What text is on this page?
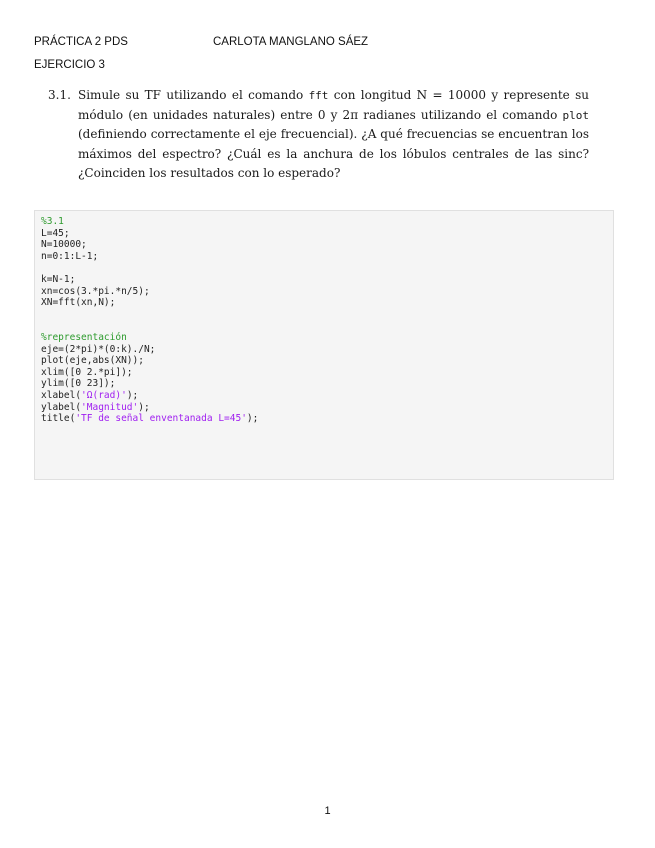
PRÁCTICA 2 PDS	CARLOTA MANGLANO SÁEZ
EJERCICIO 3
3.1. Simule su TF utilizando el comando fft con longitud N = 10000 y represente su módulo (en unidades naturales) entre 0 y 2π radianes utilizando el comando plot (definiendo correctamente el eje frecuencial). ¿A qué frecuencias se encuentran los máximos del espectro? ¿Cuál es la anchura de los lóbulos centrales de las sinc? ¿Coinciden los resultados con lo esperado?
%3.1
L=45;
N=10000;
n=0:1:L-1;
k=N-1;
xn=cos(3.*pi.*n/5);
XN=fft(xn,N);
%representación
eje=(2*pi)*(0:k)./N;
plot(eje,abs(XN));
xlim([0 2.*pi]);
ylim([0 23]);
xlabel('Ω(rad)');
ylabel('Magnitud');
title('TF de señal enventanada L=45');
1
